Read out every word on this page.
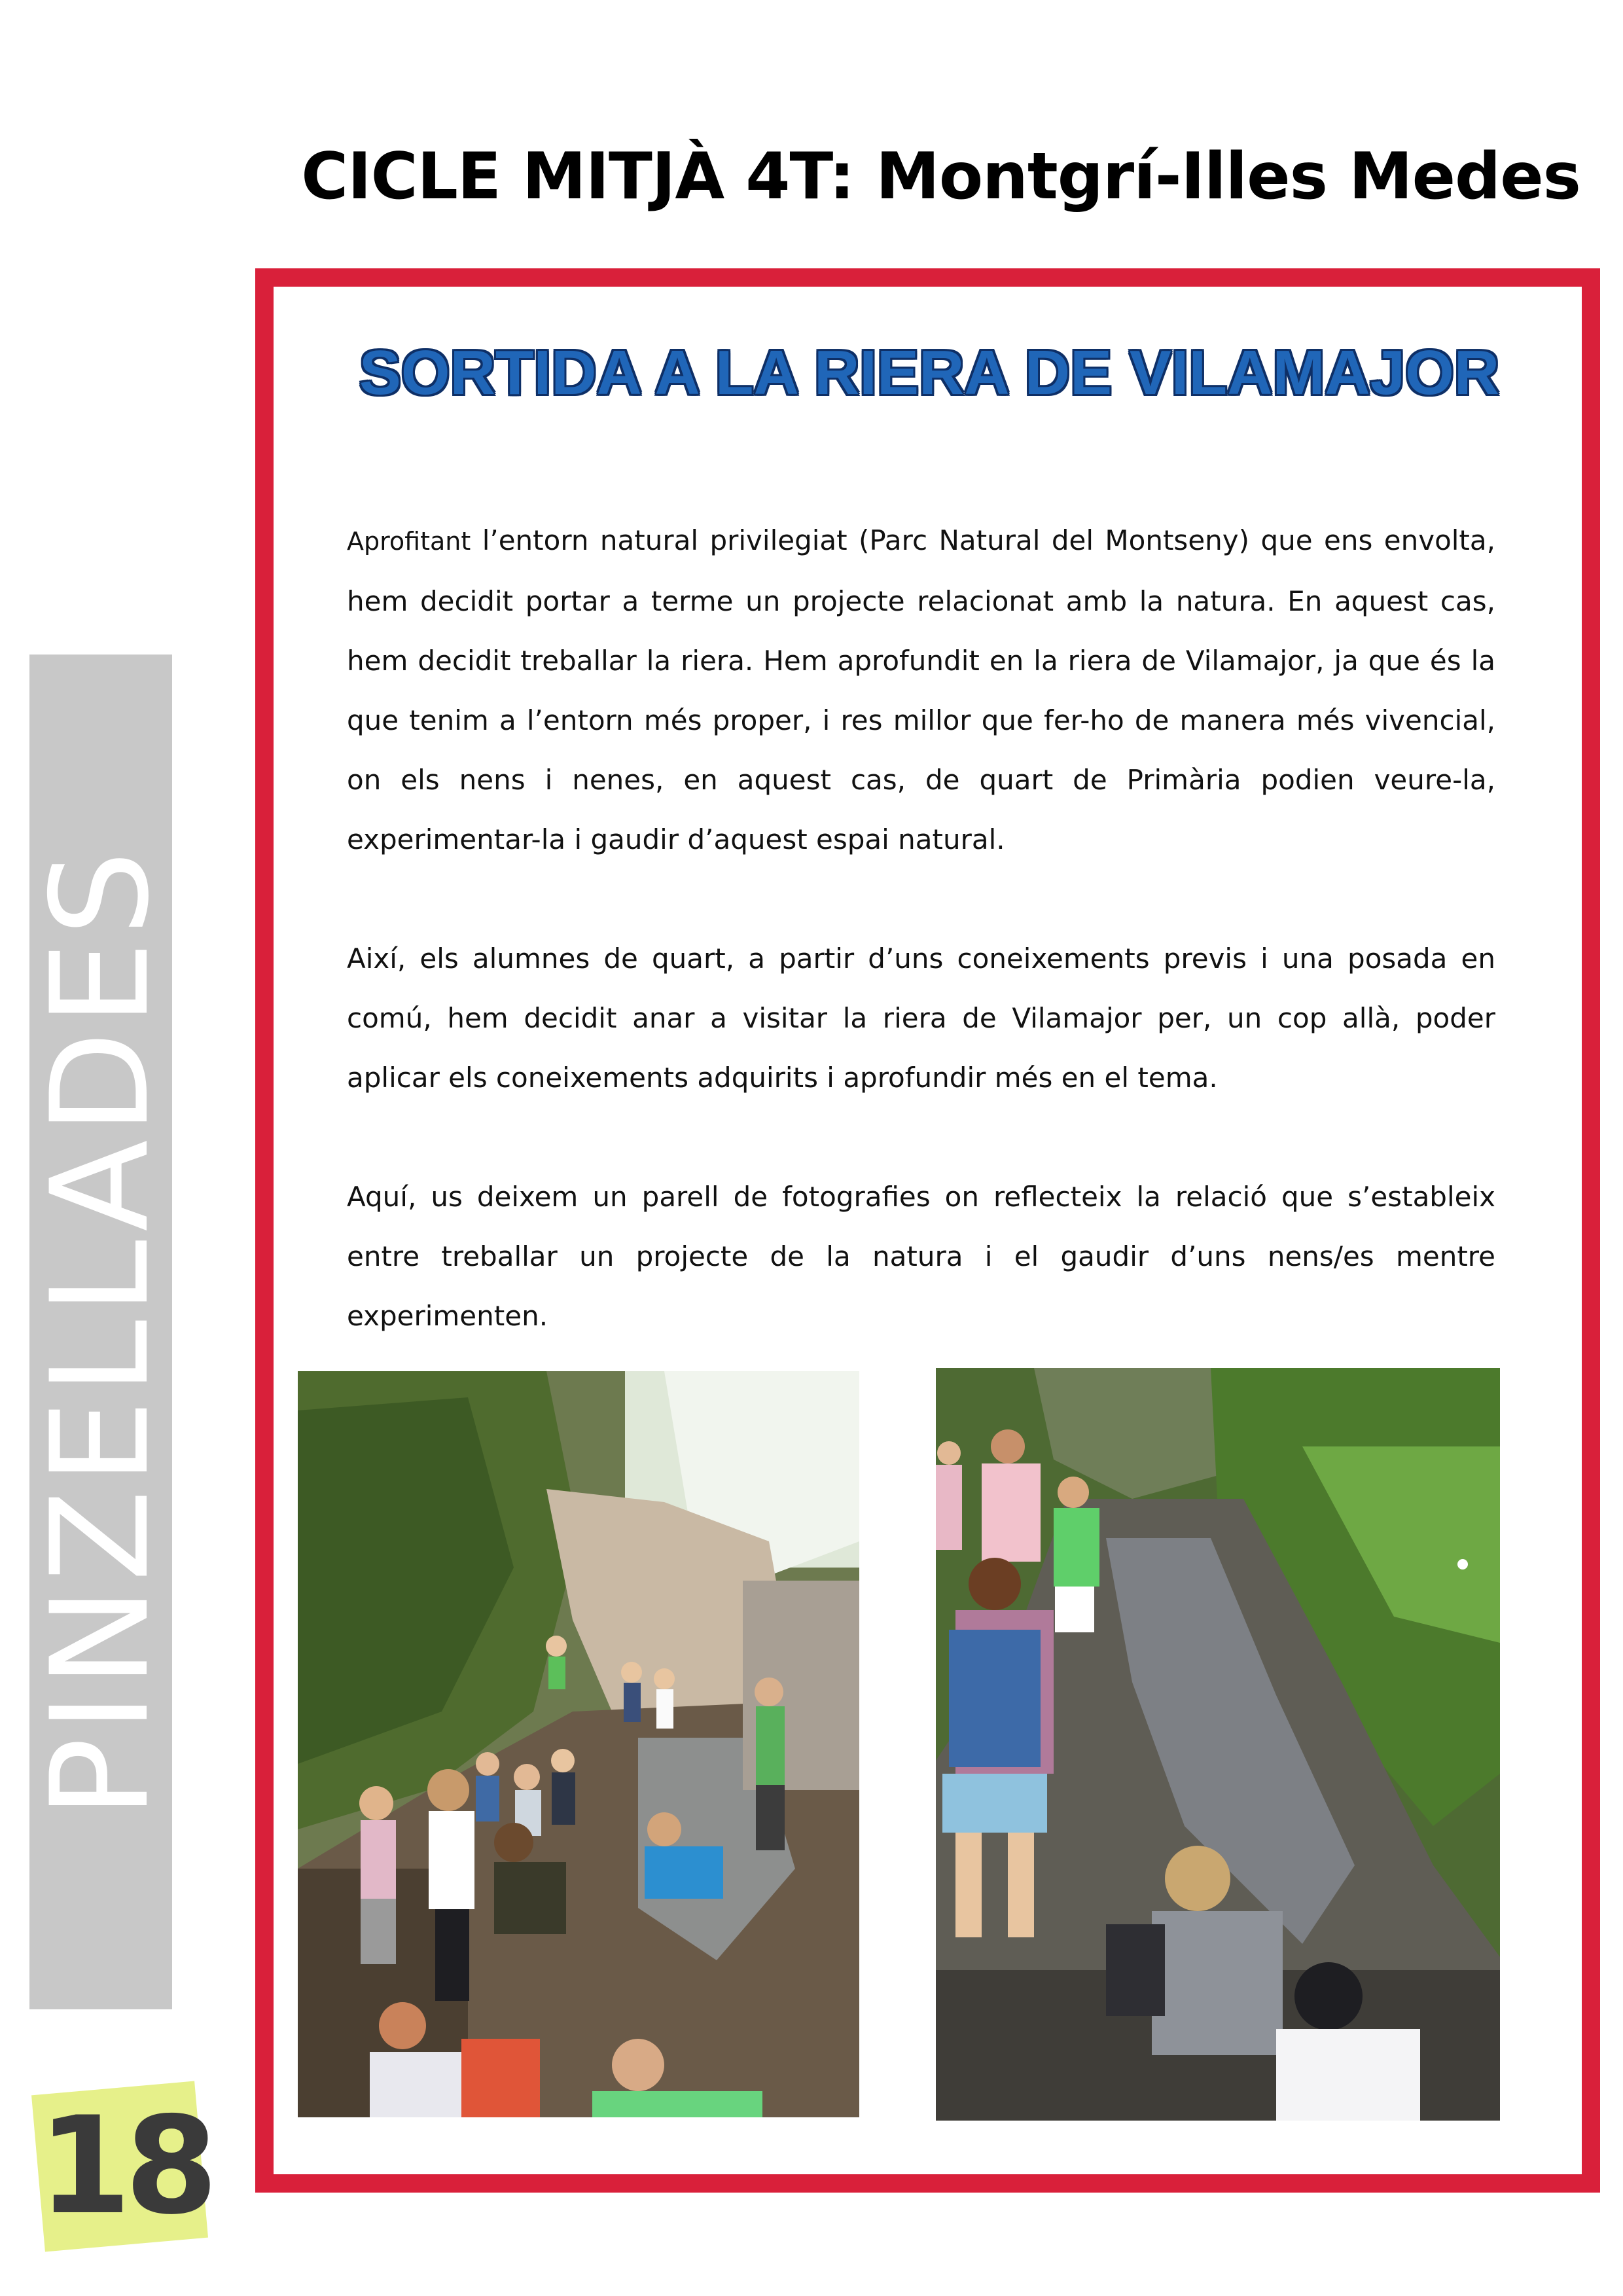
CICLE MITJÀ 4T: Montgrí-Illes Medes
PINZELLADES
18
SORTIDA A LA RIERA DE VILAMAJOR

Aprofitant l’entorn natural privilegiat (Parc Natural del Montseny) que ens envolta, hem decidit portar a terme un projecte relacionat amb la natura. En aquest cas, hem decidit treballar la riera. Hem aprofundit en la riera de Vilamajor, ja que és la que tenim a l’entorn més proper, i res millor que fer-ho de manera més vivencial, on els nens i nenes, en aquest cas, de quart de Primària podien veure-la, experimentar-la i gaudir d’aquest espai natural.

Així, els alumnes de quart, a partir d’uns coneixements previs i una posada en comú, hem decidit anar a visitar la riera de Vilamajor per, un cop allà, poder aplicar els coneixements adquirits i aprofundir més en el tema.

Aquí, us deixem un parell de fotografies on reflecteix la relació que s’estableix entre treballar un projecte de la natura i el gaudir d’uns nens/es mentre experimenten.
